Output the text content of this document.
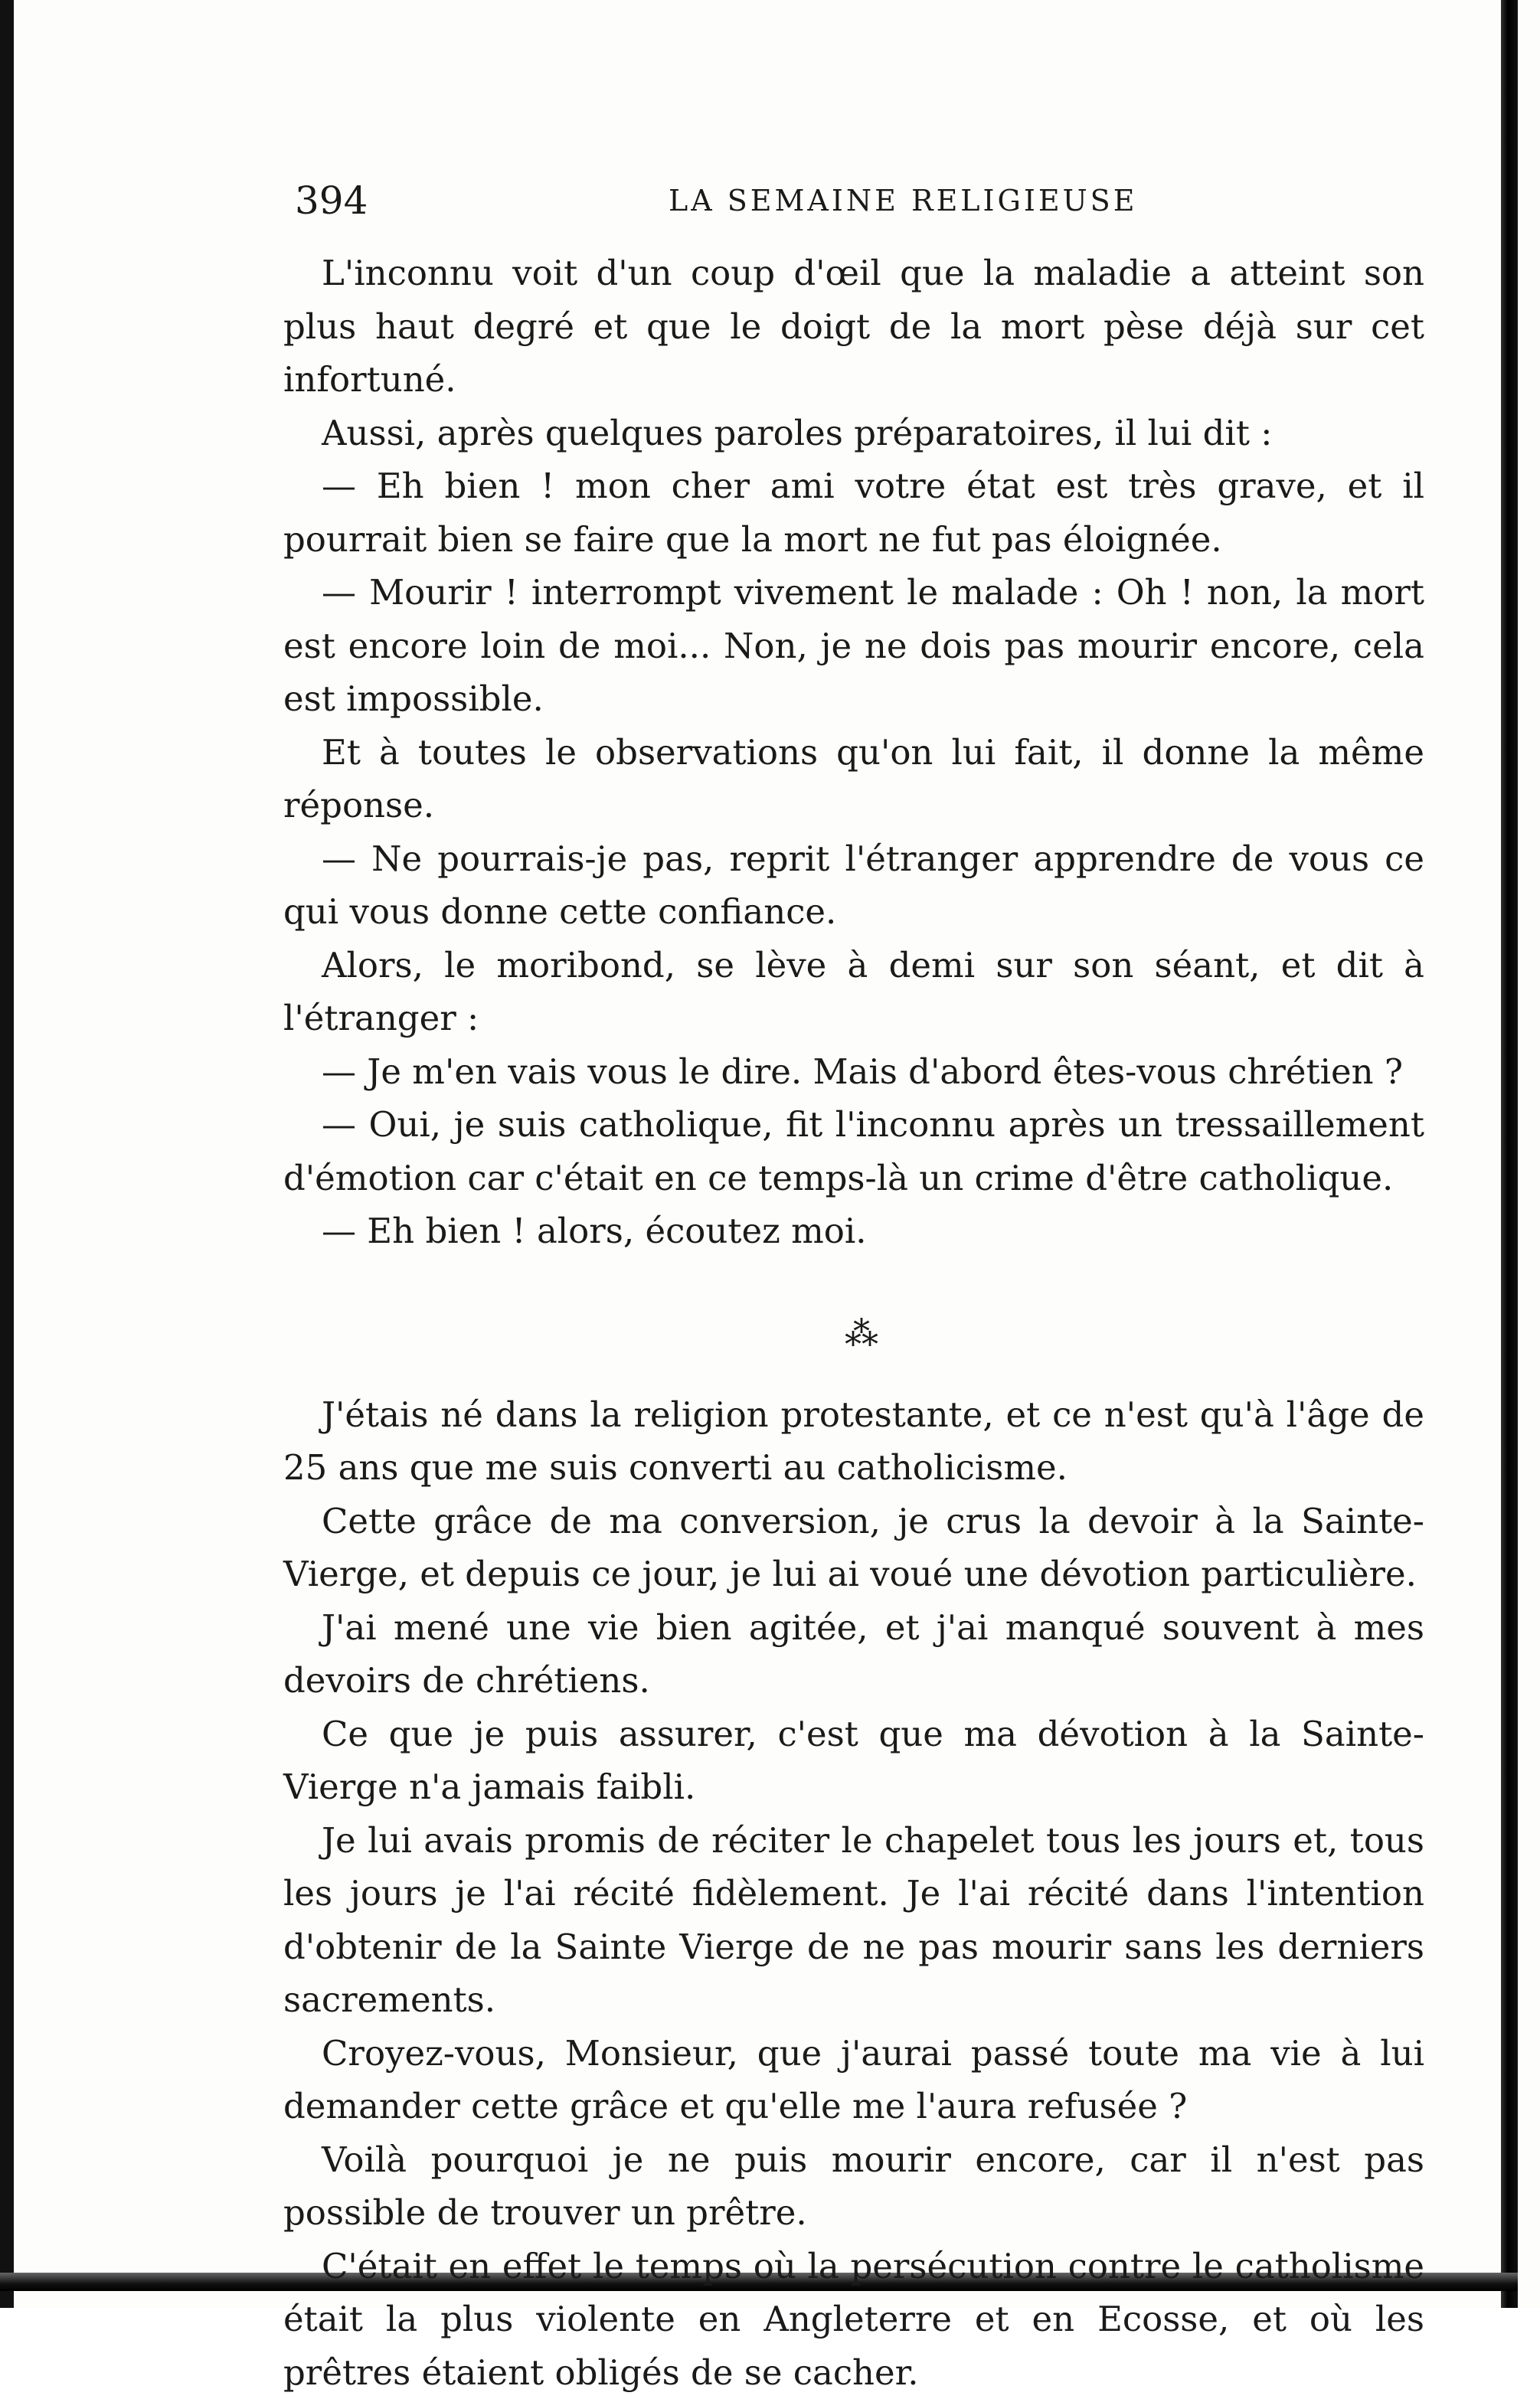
394	LA SEMAINE RELIGIEUSE

L'inconnu voit d'un coup d'œil que la maladie a atteint son plus haut degré et que le doigt de la mort pèse déjà sur cet infortuné.

Aussi, après quelques paroles préparatoires, il lui dit :

— Eh bien ! mon cher ami votre état est très grave, et il pourrait bien se faire que la mort ne fut pas éloignée.

— Mourir ! interrompt vivement le malade : Oh ! non, la mort est encore loin de moi... Non, je ne dois pas mourir encore, cela est impossible.

Et à toutes le observations qu'on lui fait, il donne la même réponse.

— Ne pourrais-je pas, reprit l'étranger apprendre de vous ce qui vous donne cette confiance.

Alors, le moribond, se lève à demi sur son séant, et dit à l'étranger :

— Je m'en vais vous le dire. Mais d'abord êtes-vous chrétien ?

— Oui, je suis catholique, fit l'inconnu après un tressaillement d'émotion car c'était en ce temps-là un crime d'être catholique.

— Eh bien ! alors, écoutez moi.

⁂

J'étais né dans la religion protestante, et ce n'est qu'à l'âge de 25 ans que me suis converti au catholicisme.

Cette grâce de ma conversion, je crus la devoir à la Sainte-Vierge, et depuis ce jour, je lui ai voué une dévotion particulière.

J'ai mené une vie bien agitée, et j'ai manqué souvent à mes devoirs de chrétiens.

Ce que je puis assurer, c'est que ma dévotion à la Sainte-Vierge n'a jamais faibli.

Je lui avais promis de réciter le chapelet tous les jours et, tous les jours je l'ai récité fidèlement. Je l'ai récité dans l'intention d'obtenir de la Sainte Vierge de ne pas mourir sans les derniers sacrements.

Croyez-vous, Monsieur, que j'aurai passé toute ma vie à lui demander cette grâce et qu'elle me l'aura refusée ?

Voilà pourquoi je ne puis mourir encore, car il n'est pas possible de trouver un prêtre.

C'était en effet le temps où la persécution contre le catholisme était la plus violente en Angleterre et en Ecosse, et où les prêtres étaient obligés de se cacher.
